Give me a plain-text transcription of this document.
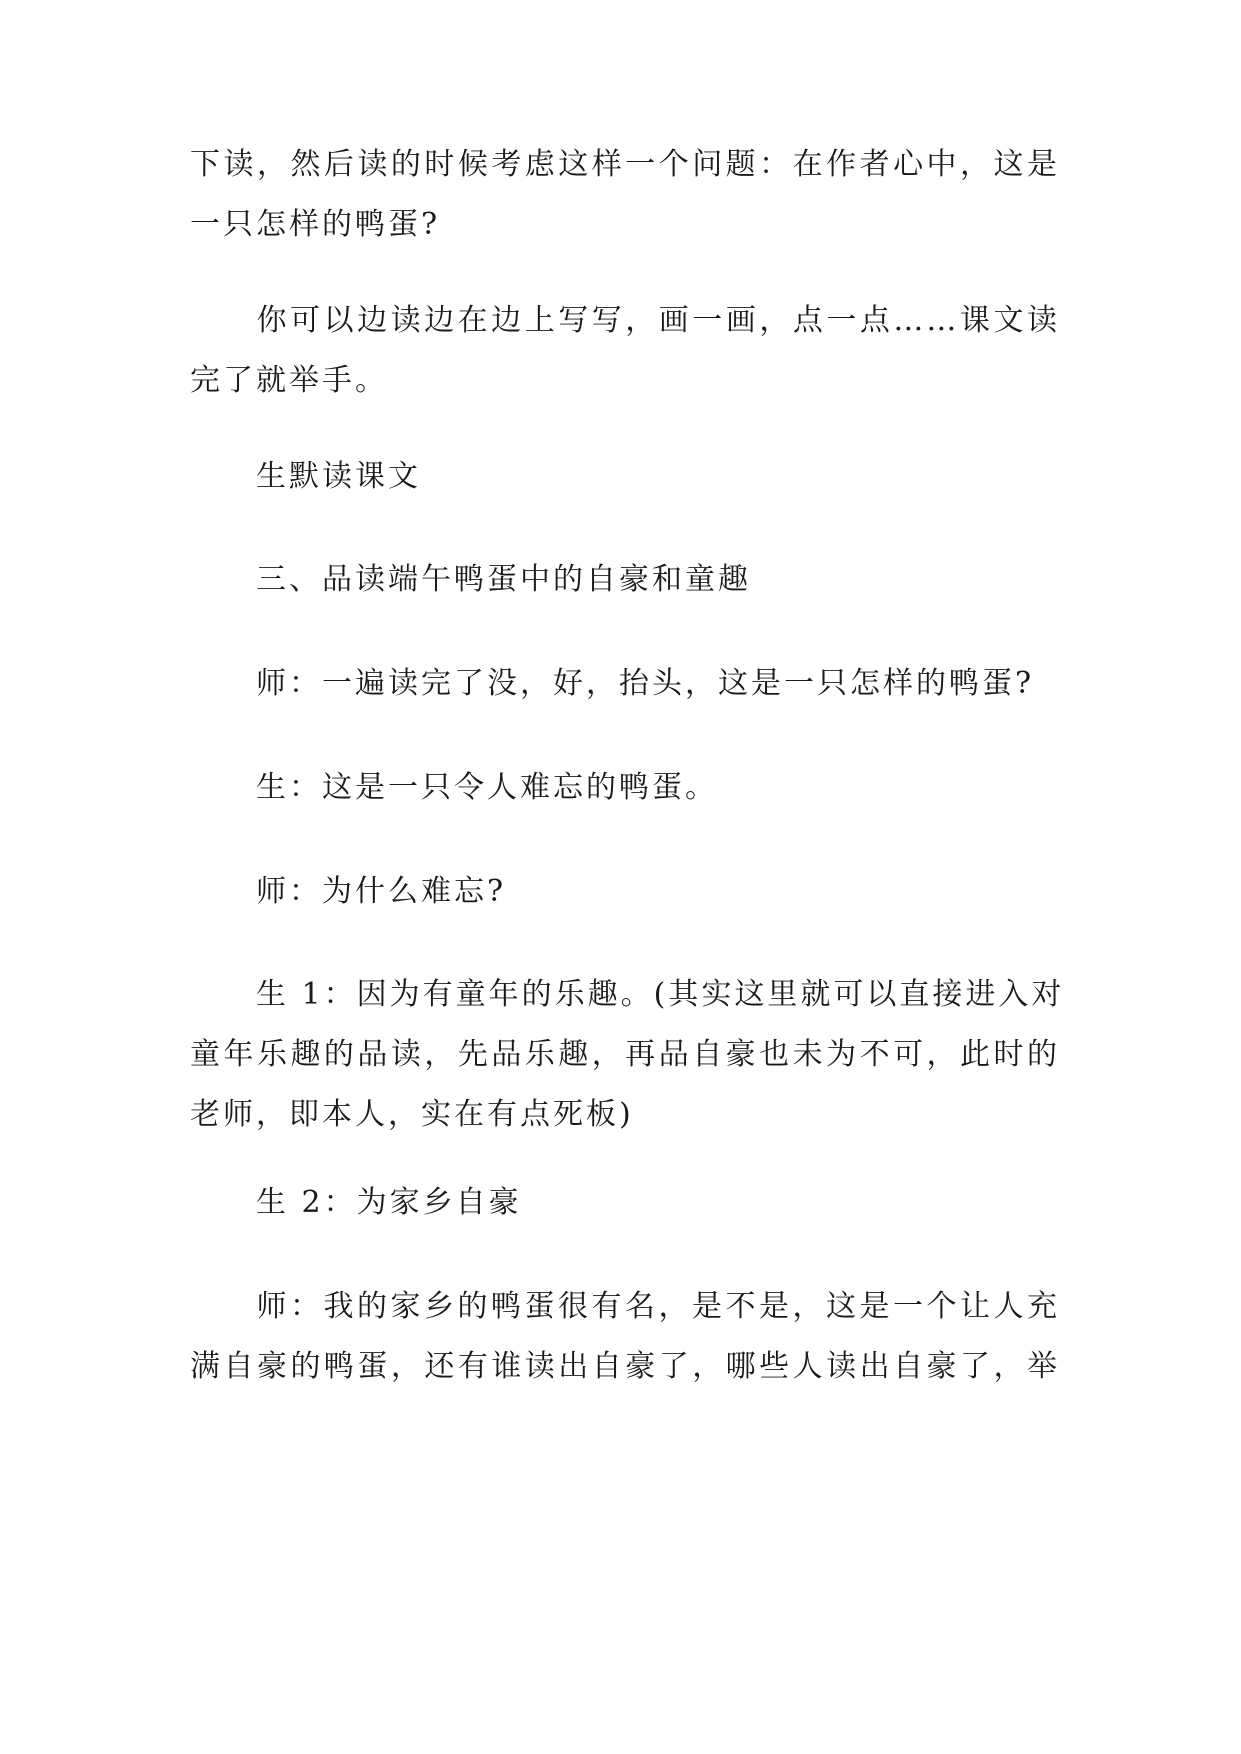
下读，然后读的时候考虑这样一个问题：在作者心中，这是
一只怎样的鸭蛋?
你可以边读边在边上写写，画一画，点一点……课文读
完了就举手。
生默读课文
三、品读端午鸭蛋中的自豪和童趣
师：一遍读完了没，好，抬头，这是一只怎样的鸭蛋?
生：这是一只令人难忘的鸭蛋。
师：为什么难忘?
生 1：因为有童年的乐趣。(其实这里就可以直接进入对
童年乐趣的品读，先品乐趣，再品自豪也未为不可，此时的
老师，即本人，实在有点死板)
生 2：为家乡自豪
师：我的家乡的鸭蛋很有名，是不是，这是一个让人充
满自豪的鸭蛋，还有谁读出自豪了，哪些人读出自豪了，举
